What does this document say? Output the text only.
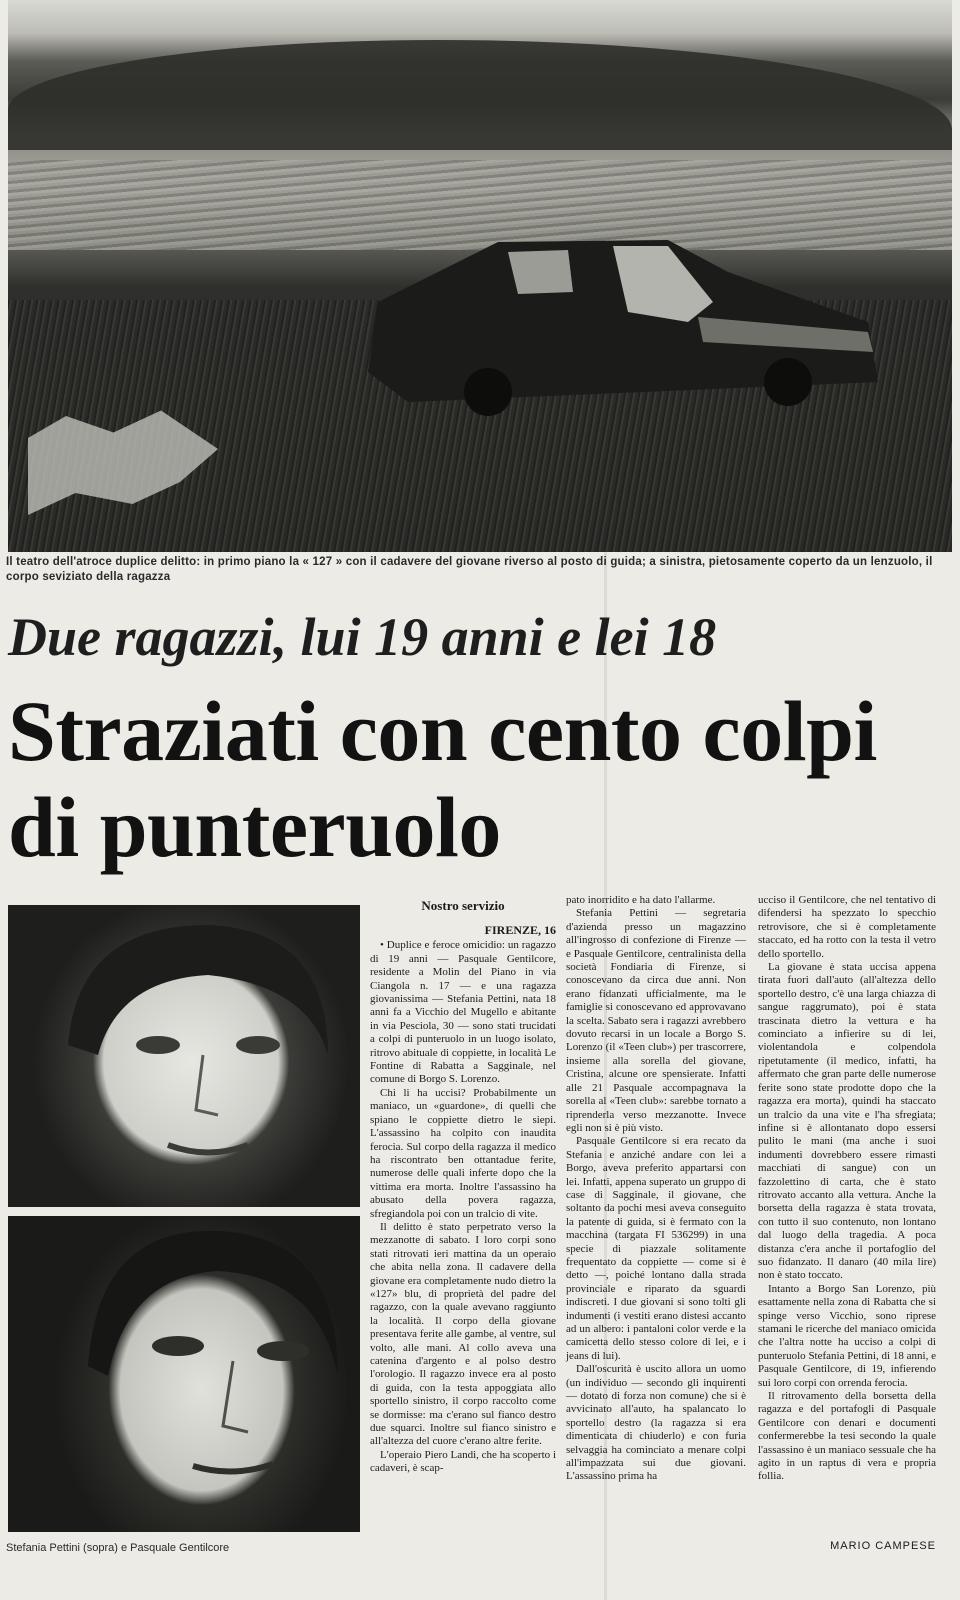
Il teatro dell'atroce duplice delitto: in primo piano la « 127 » con il cadavere del giovane riverso al posto di guida; a sinistra, pietosamente coperto da un lenzuolo, il corpo seviziato della ragazza
Due ragazzi, lui 19 anni e lei 18
Straziati con cento colpi di punteruolo
Stefania Pettini (sopra) e Pasquale Gentilcore
Nostro servizio
FIRENZE, 16

• Duplice e feroce omicidio: un ragazzo di 19 anni — Pasquale Gentilcore, residente a Molin del Piano in via Ciangola n. 17 — e una ragazza giovanissima — Stefania Pettini, nata 18 anni fa a Vicchio del Mugello e abitante in via Pesciola, 30 — sono stati trucidati a colpi di punteruolo in un luogo isolato, ritrovo abituale di coppiette, in località Le Fontine di Rabatta a Sagginale, nel comune di Borgo S. Lorenzo.

Chi li ha uccisi? Probabilmente un maniaco, un «guardone», di quelli che spiano le coppiette dietro le siepi. L'assassino ha colpito con inaudita ferocia. Sul corpo della ragazza il medico ha riscontrato ben ottantadue ferite, numerose delle quali inferte dopo che la vittima era morta. Inoltre l'assassino ha abusato della povera ragazza, sfregiandola poi con un tralcio di vite.

Il delitto è stato perpetrato verso la mezzanotte di sabato. I loro corpi sono stati ritrovati ieri mattina da un operaio che abita nella zona. Il cadavere della giovane era completamente nudo dietro la «127» blu, di proprietà del padre del ragazzo, con la quale avevano raggiunto la località. Il corpo della giovane presentava ferite alle gambe, al ventre, sul volto, alle mani. Al collo aveva una catenina d'argento e al polso destro l'orologio. Il ragazzo invece era al posto di guida, con la testa appoggiata allo sportello sinistro, il corpo raccolto come se dormisse: ma c'erano sul fianco destro due squarci. Inoltre sul fianco sinistro e all'altezza del cuore c'erano altre ferite.

L'operaio Piero Landi, che ha scoperto i cadaveri, è scap-

pato inorridito e ha dato l'allarme.

Stefania Pettini — segretaria d'azienda presso un magazzino all'ingrosso di confezione di Firenze — e Pasquale Gentilcore, centralinista della società Fondiaria di Firenze, si conoscevano da circa due anni. Non erano fidanzati ufficialmente, ma le famiglie si conoscevano ed approvavano la scelta. Sabato sera i ragazzi avrebbero dovuto recarsi in un locale a Borgo S. Lorenzo (il «Teen club») per trascorrere, insieme alla sorella del giovane, Cristina, alcune ore spensierate. Infatti alle 21 Pasquale accompagnava la sorella al «Teen club»: sarebbe tornato a riprenderla verso mezzanotte. Invece egli non si è più visto.

Pasquale Gentilcore si era recato da Stefania e anziché andare con lei a Borgo, aveva preferito appartarsi con lei. Infatti, appena superato un gruppo di case di Sagginale, il giovane, che soltanto da pochi mesi aveva conseguito la patente di guida, si è fermato con la macchina (targata FI 536299) in una specie di piazzale solitamente frequentato da coppiette — come si è detto —, poiché lontano dalla strada provinciale e riparato da sguardi indiscreti. I due giovani si sono tolti gli indumenti (i vestiti erano distesi accanto ad un albero: i pantaloni color verde e la camicetta dello stesso colore di lei, e i jeans di lui).

Dall'oscurità è uscito allora un uomo (un individuo — secondo gli inquirenti — dotato di forza non comune) che si è avvicinato all'auto, ha spalancato lo sportello destro (la ragazza si era dimenticata di chiuderlo) e con furia selvaggia ha cominciato a menare colpi all'impazzata sui due giovani. L'assassino prima ha

ucciso il Gentilcore, che nel tentativo di difendersi ha spezzato lo specchio retrovisore, che si è completamente staccato, ed ha rotto con la testa il vetro dello sportello.

La giovane è stata uccisa appena tirata fuori dall'auto (all'altezza dello sportello destro, c'è una larga chiazza di sangue raggrumato), poi è stata trascinata dietro la vettura e ha cominciato a infierire su di lei, violentandola e colpendola ripetutamente (il medico, infatti, ha affermato che gran parte delle numerose ferite sono state prodotte dopo che la ragazza era morta), quindi ha staccato un tralcio da una vite e l'ha sfregiata; infine si è allontanato dopo essersi pulito le mani (ma anche i suoi indumenti dovrebbero essere rimasti macchiati di sangue) con un fazzolettino di carta, che è stato ritrovato accanto alla vettura. Anche la borsetta della ragazza è stata trovata, con tutto il suo contenuto, non lontano dal luogo della tragedia. A poca distanza c'era anche il portafoglio del suo fidanzato. Il danaro (40 mila lire) non è stato toccato.

Intanto a Borgo San Lorenzo, più esattamente nella zona di Rabatta che si spinge verso Vicchio, sono riprese stamani le ricerche del maniaco omicida che l'altra notte ha ucciso a colpi di punteruolo Stefania Pettini, di 18 anni, e Pasquale Gentilcore, di 19, infierendo sui loro corpi con orrenda ferocia.

Il ritrovamento della borsetta della ragazza e del portafogli di Pasquale Gentilcore con denari e documenti confermerebbe la tesi secondo la quale l'assassino è un maniaco sessuale che ha agito in un raptus di vera e propria follia.

MARIO CAMPESE
